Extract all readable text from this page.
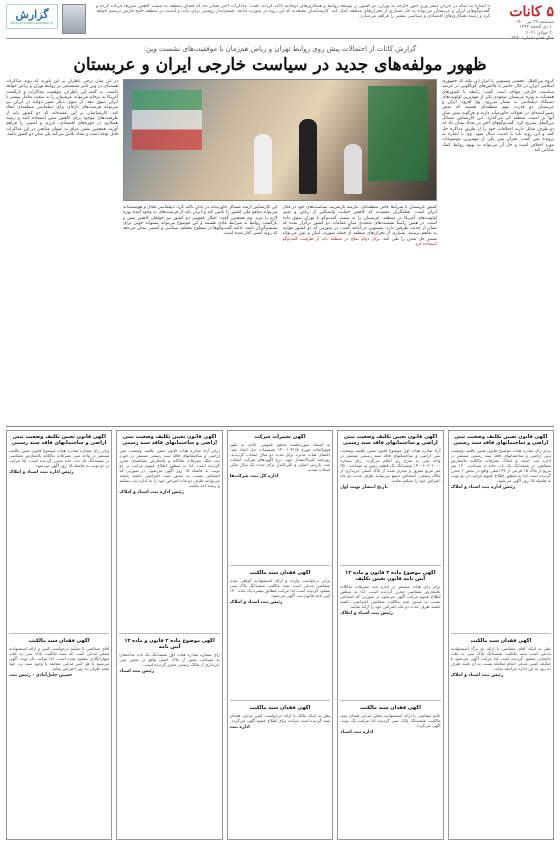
گزارش
Report.Kanoononline.ir
با اشاره به اینکه در جریان سفر وزیر امور خارجه به تهران، دو کشور بر توسعه روابط و همکاری‌های دوجانبه تأکید کردند، گفت: مذاکرات اخیر نشان داد که فضای منطقه به سمت کاهش تنش‌ها حرکت کرده و گفت‌وگوهای ایران و عربستان می‌تواند به حل بسیاری از بحران‌های منطقه کمک کند. کارشناسان معتقدند که این روند در صورت ادامه، چشم‌انداز روشنی برای ثبات و امنیت در منطقه خلیج فارس ترسیم خواهد کرد و زمینه همکاری‌های اقتصادی و سیاسی بیشتر را فراهم می‌سازد.	۵ کانات
سه‌شنبه ۲۹ تیر ۱۴۰۰
۱۰ ذی الحجه ۱۴۴۲
۲۰ جولای ۲۰۲۱
سال هفتم شماره ۲۲۸۰
گزارش کانات از احتمالات پیش روی روابط تهران و ریاض هم‌زمان با موفقیت‌های نشست وین:
ظهور مولفه‌های جدید در سیاست خارجی ایران و عربستان
گروه بین‌الملل: محسن بیستونی با ابراز این نکته که جمهوری اسلامی ایران در حال حاضر با چالش‌های گوناگونی در عرصه سیاست خارجی مواجه است گفت: رابطه با کشورهای همسایه به ویژه عربستان سعودی یکی از مهم‌ترین اولویت‌های دستگاه دیپلماسی به شمار می‌رود. وی افزود: ایران و عربستان دو قدرت مهم منطقه‌ای هستند که نقش تعیین‌کننده‌ای در تحولات خاورمیانه دارند و هرگونه تنش میان آنها بر امنیت منطقه اثر می‌گذارد. این کارشناس مسائل بین‌الملل تصریح کرد: گفت‌وگوهای اخیر در بغداد نشان داد که دو طرف تمایل دارند اختلافات خود را از طریق مذاکره حل کنند و این روند باید با جدیت دنبال شود. وی با اشاره به پرونده یمن گفت: بحران یمن یکی از مهم‌ترین موضوعات مورد اختلاف است و حل آن می‌تواند به بهبود روابط کمک شایانی کند.
کشور عربستان با شرایط خاص منطقه‌ای، نیازمند بازتعریف سیاست‌های خود در قبال ایران است. تحلیلگران معتقدند که کاهش حمایت واشنگتن از ریاض و تغییر اولویت‌های آمریکا در منطقه، عربستان را به سمت گفت‌وگو با تهران سوق داده است. در همین راستا نشست‌های متعددی میان مقامات دو کشور برگزار شده که نشان از جدیت طرفین دارد. بیستونی در ادامه گفت: در صورتی که دو کشور بتوانند به تفاهم برسند، بسیاری از بحران‌های منطقه از جمله سوریه، لبنان و یمن می‌تواند مسیر حل شدن را طی کند. برای دوام صلح در منطقه باید از ظرفیت گفت‌وگو استفاده کرد
این کارشناس ارشد مسائل خاورمیانه در پایان تأکید کرد: دیپلماسی فعال و هوشمندانه می‌تواند منافع ملی کشور را تأمین کند و ایران باید از فرصت‌های به وجود آمده بهره لازم را ببرد. وی همچنین گفت: افکار عمومی دو کشور نیز خواهان کاهش تنش و بازگشت روابط به شرایط عادی هستند و این موضوع می‌تواند پشتوانه خوبی برای تصمیم‌گیران باشد. ادامه گفت‌وگوها در سطوح مختلف سیاسی و امنیتی نشان می‌دهد که روند آشتی آغاز شده است.
در این میان برخی ناظران بر این باورند که روند مذاکرات هسته‌ای در وین تأثیر مستقیمی بر روابط تهران و ریاض خواهد داشت. به گفته این ناظران، موفقیت مذاکرات و بازگشت آمریکا به برجام می‌تواند عربستان را به سمت تعامل بیشتر با ایران سوق دهد. از سوی دیگر تغییر دولت در ایران نیز می‌تواند فرصت‌های تازه‌ای برای دیپلماسی منطقه‌ای ایجاد کند. کارشناسان بر این عقیده‌اند که دو کشور باید از ظرفیت‌های موجود برای کاهش تنش استفاده کنند و زمینه همکاری در حوزه‌های اقتصادی، انرژی و امنیتی را فراهم آورند. همچنین نقش عراق به عنوان میانجی در این مذاکرات قابل توجه است و بغداد تلاش می‌کند پلی میان دو کشور باشد.
آگهی قانون تعیین تکلیف وضعیت ثبتی اراضی و ساختمانهای فاقد سند رسمی
برابر رای صادره هیات موضوع قانون تعیین تکلیف وضعیت ثبتی اراضی و ساختمانهای فاقد سند رسمی مستقر در اداره ثبت اسناد و املاک تصرفات مالکانه بلامعارض متقاضی در ششدانگ یک باب خانه به مساحت ۱۲۰ متر مربع از پلاک ۱۵ فرعی از ۴۲ اصلی واقع در بخش ۲ محرز گردیده است لذا به منظور اطلاع عموم مراتب در دو نوبت به فاصله ۱۵ روز آگهی می‌شود.
رئیس اداره ثبت اسناد و املاک
آگهی فقدان سند مالکیت
نظر به اینکه آقای متقاضی با ارائه دو برگ استشهادیه مدعی است سند مالکیت ششدانگ پلاک ثبتی به علت جابجایی مفقود گردیده است لذا مراتب آگهی می‌شود تا چنانچه کسی مدعی انجام معامله نسبت به آن باشد ظرف ده روز به این اداره مراجعه نماید.
رئیس ثبت اسناد و املاک
آگهی قانون تعیین تکلیف وضعیت ثبتی اراضی و ساختمانهای فاقد سند رسمی
آراء صادره هیات اول موضوع قانون تعیین تکلیف وضعیت ثبتی اراضی و ساختمانهای فاقد سند رسمی مستقر در واحد ثبتی به شرح زیر اعلام می‌گردد. رای شماره ۱۴۰۰۶۰۳۰۱۰۰۰ ششدانگ یک قطعه زمین به مساحت ۲۵۰ متر مربع مفروز و مجزی شده از پلاک اصلی خریداری از مالک رسمی. اشخاص ذینفع می‌توانند ظرف مدت دو ماه اعتراض خود را تسلیم نمایند.
تاریخ انتشار نوبت اول
آگهی موضوع ماده ۳ قانون و ماده ۱۳ آیین نامه قانون تعیین تکلیف
برابر رای هیات مستقر در اداره ثبت تصرفات مالکانه بلامعارض متقاضی محرز گردیده است. لذا به منظور اطلاع عموم مراتب آگهی می‌شود در صورتی که اشخاص نسبت به صدور سند مالکیت متقاضی اعتراضی داشته باشند ظرف مدت دو ماه اعتراض خود را ارائه نمایند.
رئیس ثبت اسناد و املاک
آگهی فقدان سند مالکیت
خانم متقاضی با ارائه استشهادیه محلی مدعی فقدان سند مالکیت ششدانگ پلاک ثبتی گردیده لذا مراتب یک نوبت آگهی می‌گردد.
اداره ثبت اسناد
آگهی تغییرات شرکت
به استناد صورتجلسه مجمع عمومی عادی به طور فوق‌العاده مورخ ۱۴۰۰/۰۴/۱۵ تصمیمات ذیل اتخاذ شد: اعضای هیات مدیره برای مدت دو سال انتخاب گردیدند. روزنامه کثیرالانتشار جهت درج آگهی‌های شرکت انتخاب شد. بازرس اصلی و علی‌البدل برای مدت یک سال مالی انتخاب شدند.
اداره کل ثبت شرکت‌ها
آگهی فقدان سند مالکیت
برابر درخواست وارده و ارائه استشهادیه گواهی شده متقاضی مدعی است سند مالکیت ششدانگ پلاک ثبتی مفقود گردیده است لذا مراتب مطابق تبصره یک ماده ۱۲۰ آیین نامه قانون ثبت آگهی می‌شود.
رئیس ثبت اسناد و املاک
آگهی فقدان سند مالکیت
نظر به اینکه مالک با ارائه درخواست کتبی مدعی فقدان سند گردیده است مراتب برای اطلاع عموم آگهی می‌گردد.
اداره ثبت
آگهی قانون تعیین تکلیف وضعیت ثبتی اراضی و ساختمانهای فاقد سند رسمی
برابر آراء صادره هیات قانون تعیین تکلیف وضعیت ثبتی اراضی و ساختمانهای فاقد سند رسمی مستقر در حوزه ثبت ملک تصرفات مالکانه و بلامعارض متقاضیان محرز گردیده است. لذا به منظور اطلاع عموم مراتب در دو نوبت به فاصله ۱۵ روز آگهی می‌شود. در صورتی که اشخاص نسبت به صدور سند اعتراضی داشته باشند می‌توانند ظرف دو ماه اعتراض خود را به اداره ثبت تسلیم و رسید اخذ نمایند.
رئیس اداره ثبت اسناد و املاک
آگهی موضوع ماده ۳ قانون و ماده ۱۳ آیین نامه
رای شماره صادره هیات اول ششدانگ یک باب ساختمان به مساحت معین از پلاک اصلی واقع در بخش ثبتی خریداری از مالک رسمی محرز گردیده است.
رئیس ثبت اسناد
آگهی قانون تعیین تکلیف وضعیت ثبتی اراضی و ساختمانهای فاقد سند رسمی
برابر رای شماره صادره هیات موضوع قانون تعیین تکلیف مستقر در واحد ثبتی تصرفات مالکانه بلامعارض متقاضی در ششدانگ یک باب خانه محرز گردیده است. لذا مراتب در دو نوبت به فاصله ۱۵ روز آگهی می‌شود.
رئیس اداره ثبت اسناد و املاک
آگهی فقدان سند مالکیت
آقای متقاضی با تسلیم درخواست کتبی و ارائه استشهادیه محلی مدعی است که سند مالکیت پلاک ثبتی به علت سهل‌انگاری مفقود شده است. لذا مراتب یک نوبت آگهی می‌شود تا هر کس مدعی معامله یا وجود سند نزد خود باشد ظرف ده روز اعتراض نماید.
حسین جلیل‌آبادی - رئیس ثبت
